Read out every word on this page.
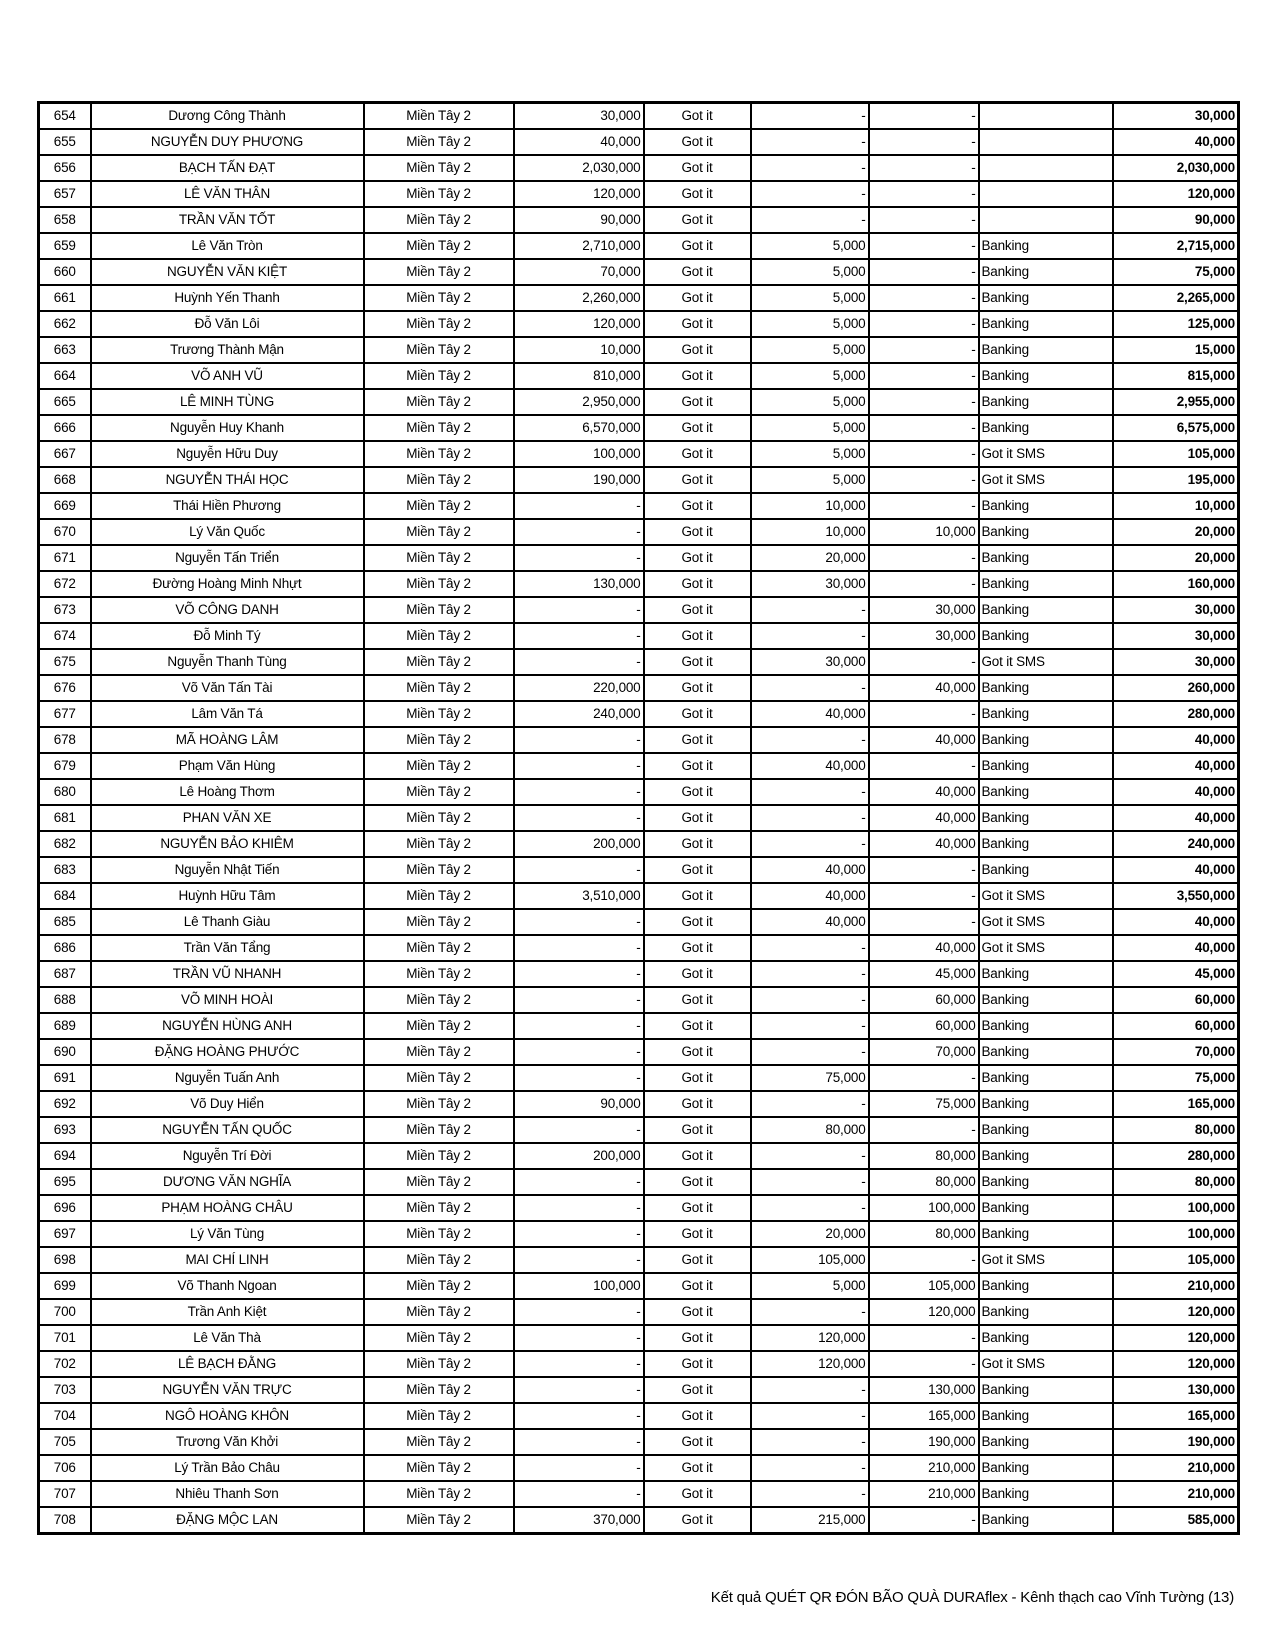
654	Dương Công Thành	Miền Tây 2	30,000	Got it	-	-		30,000
655	NGUYỄN DUY PHƯƠNG	Miền Tây 2	40,000	Got it	-	-		40,000
656	BẠCH TẤN ĐẠT	Miền Tây 2	2,030,000	Got it	-	-		2,030,000
657	LÊ VĂN THÂN	Miền Tây 2	120,000	Got it	-	-		120,000
658	TRẦN VĂN TỐT	Miền Tây 2	90,000	Got it	-	-		90,000
659	Lê Văn Tròn	Miền Tây 2	2,710,000	Got it	5,000	-	Banking	2,715,000
660	NGUYỄN VĂN KIỆT	Miền Tây 2	70,000	Got it	5,000	-	Banking	75,000
661	Huỳnh Yến Thanh	Miền Tây 2	2,260,000	Got it	5,000	-	Banking	2,265,000
662	Đỗ Văn Lôi	Miền Tây 2	120,000	Got it	5,000	-	Banking	125,000
663	Trương Thành Mận	Miền Tây 2	10,000	Got it	5,000	-	Banking	15,000
664	VÕ ANH VŨ	Miền Tây 2	810,000	Got it	5,000	-	Banking	815,000
665	LÊ MINH TÙNG	Miền Tây 2	2,950,000	Got it	5,000	-	Banking	2,955,000
666	Nguyễn Huy Khanh	Miền Tây 2	6,570,000	Got it	5,000	-	Banking	6,575,000
667	Nguyễn Hữu Duy	Miền Tây 2	100,000	Got it	5,000	-	Got it SMS	105,000
668	NGUYỄN THÁI HỌC	Miền Tây 2	190,000	Got it	5,000	-	Got it SMS	195,000
669	Thái Hiền Phương	Miền Tây 2	-	Got it	10,000	-	Banking	10,000
670	Lý Văn Quốc	Miền Tây 2	-	Got it	10,000	10,000	Banking	20,000
671	Nguyễn Tấn Triển	Miền Tây 2	-	Got it	20,000	-	Banking	20,000
672	Đường Hoàng Minh Nhựt	Miền Tây 2	130,000	Got it	30,000	-	Banking	160,000
673	VÕ CÔNG DANH	Miền Tây 2	-	Got it	-	30,000	Banking	30,000
674	Đỗ Minh Tý	Miền Tây 2	-	Got it	-	30,000	Banking	30,000
675	Nguyễn Thanh Tùng	Miền Tây 2	-	Got it	30,000	-	Got it SMS	30,000
676	Võ Văn Tấn Tài	Miền Tây 2	220,000	Got it	-	40,000	Banking	260,000
677	Lâm Văn Tá	Miền Tây 2	240,000	Got it	40,000	-	Banking	280,000
678	MÃ HOÀNG LÂM	Miền Tây 2	-	Got it	-	40,000	Banking	40,000
679	Phạm Văn Hùng	Miền Tây 2	-	Got it	40,000	-	Banking	40,000
680	Lê Hoàng Thơm	Miền Tây 2	-	Got it	-	40,000	Banking	40,000
681	PHAN VĂN XE	Miền Tây 2	-	Got it	-	40,000	Banking	40,000
682	NGUYỄN BẢO KHIÊM	Miền Tây 2	200,000	Got it	-	40,000	Banking	240,000
683	Nguyễn Nhật Tiến	Miền Tây 2	-	Got it	40,000	-	Banking	40,000
684	Huỳnh Hữu Tâm	Miền Tây 2	3,510,000	Got it	40,000	-	Got it SMS	3,550,000
685	Lê Thanh Giàu	Miền Tây 2	-	Got it	40,000	-	Got it SMS	40,000
686	Trần Văn Tẩng	Miền Tây 2	-	Got it	-	40,000	Got it SMS	40,000
687	TRẦN VŨ NHANH	Miền Tây 2	-	Got it	-	45,000	Banking	45,000
688	VÕ MINH HOÀI	Miền Tây 2	-	Got it	-	60,000	Banking	60,000
689	NGUYỄN HÙNG ANH	Miền Tây 2	-	Got it	-	60,000	Banking	60,000
690	ĐẶNG HOÀNG PHƯỚC	Miền Tây 2	-	Got it	-	70,000	Banking	70,000
691	Nguyễn Tuấn Anh	Miền Tây 2	-	Got it	75,000	-	Banking	75,000
692	Võ Duy Hiển	Miền Tây 2	90,000	Got it	-	75,000	Banking	165,000
693	NGUYỄN TẤN QUỐC	Miền Tây 2	-	Got it	80,000	-	Banking	80,000
694	Nguyễn Trí Đời	Miền Tây 2	200,000	Got it	-	80,000	Banking	280,000
695	DƯƠNG VĂN NGHĨA	Miền Tây 2	-	Got it	-	80,000	Banking	80,000
696	PHẠM HOÀNG CHÂU	Miền Tây 2	-	Got it	-	100,000	Banking	100,000
697	Lý Văn Tùng	Miền Tây 2	-	Got it	20,000	80,000	Banking	100,000
698	MAI CHÍ LINH	Miền Tây 2	-	Got it	105,000	-	Got it SMS	105,000
699	Võ Thanh Ngoan	Miền Tây 2	100,000	Got it	5,000	105,000	Banking	210,000
700	Trần Anh Kiệt	Miền Tây 2	-	Got it	-	120,000	Banking	120,000
701	Lê Văn Thà	Miền Tây 2	-	Got it	120,000	-	Banking	120,000
702	LÊ BẠCH ĐẰNG	Miền Tây 2	-	Got it	120,000	-	Got it SMS	120,000
703	NGUYỄN VĂN TRỰC	Miền Tây 2	-	Got it	-	130,000	Banking	130,000
704	NGÔ HOÀNG KHÔN	Miền Tây 2	-	Got it	-	165,000	Banking	165,000
705	Trương Văn Khởi	Miền Tây 2	-	Got it	-	190,000	Banking	190,000
706	Lý Trần Bảo Châu	Miền Tây 2	-	Got it	-	210,000	Banking	210,000
707	Nhiêu Thanh Sơn	Miền Tây 2	-	Got it	-	210,000	Banking	210,000
708	ĐẶNG MỘC LAN	Miền Tây 2	370,000	Got it	215,000	-	Banking	585,000
Kết quả QUÉT QR ĐÓN BÃO QUÀ DURAflex - Kênh thạch cao Vĩnh Tường (13)
